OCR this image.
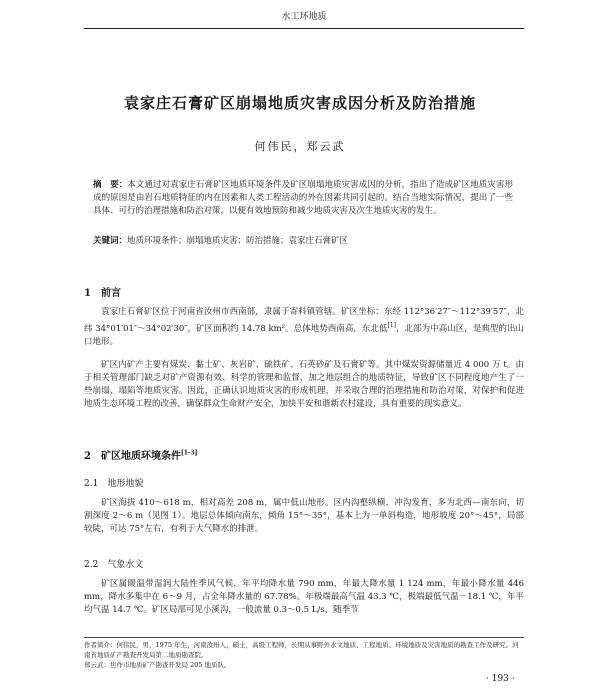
水工环地质
袁家庄石膏矿区崩塌地质灾害成因分析及防治措施
何伟民，郑云武
摘　要：本文通过对袁家庄石膏矿区地质环境条件及矿区崩塌地质灾害成因的分析，指出了造成矿区地质灾害形成的原因是由岩石地质特征的内在因素和人类工程活动的外在因素共同引起的。结合当地实际情况，提出了一些具体、可行的治理措施和防治对策，以便有效地预防和减少地质灾害及次生地质灾害的发生。
关键词：地质环境条件；崩塌地质灾害；防治措施；袁家庄石膏矿区
1　前言
袁家庄石膏矿区位于河南省汝州市西南部，隶属于寄料镇管辖。矿区坐标：东经 112°36′27″～112°39′57″，北纬 34°01′01″～34°02′30″，矿区面积约 14.78 km²。总体地势西南高，东北低[1]，北部为中高山区，是典型的出山口地形。
矿区内矿产主要有煤炭、黏土矿、灰岩矿、硫铁矿、石英砂矿及石膏矿等。其中煤炭资源储量近 4 000 万 t。由于相关管理部门缺乏对矿产资源有效、科学的管理和监督，加之地层组合的地质特征，导致矿区不同程度地产生了一些崩塌、塌陷等地质灾害。因此，正确认识地质灾害的形成机理，并采取合理的治理措施和防治对策，对保护和促进地质生态环境工程的改善，确保群众生命财产安全，加快平安和谐新农村建设，具有重要的现实意义。
2　矿区地质环境条件[1-3]
2.1　地形地貌
矿区海拔 410～618 m，相对高差 208 m，属中低山地形。区内沟壑纵横，冲沟发育，多为北西—南东向，切割深度 2～6 m（见图 1）。地层总体倾向南东，倾角 15°～35°，基本上为一单斜构造，地形坡度 20°～45°，局部较陡，可达 75°左右，有利于大气降水的排泄。
2.2　气象水文
矿区属暖温带湿润大陆性季风气候，年平均降水量 790 mm，年最大降水量 1 124 mm，年最小降水量 446 mm，降水多集中在 6～9 月，占全年降水量的 67.78%。年极端最高气温 43.3 ℃，极端最低气温－18.1 ℃，年平均气温 14.7 ℃。矿区局部可见小溪沟，一般流量 0.3～0.5 L/s，随季节
作者简介：何伟民，男，1975 年生，河南汝州人，硕士，高级工程师，长期从事野外水文地质、工程地质、环境地质及灾害地质的勘查工作及研究。河南省地质矿产勘查开发局第二地质勘查院。
郑云武：焦作市地质矿产勘查开发局 205 地质队。
· 193 ·
